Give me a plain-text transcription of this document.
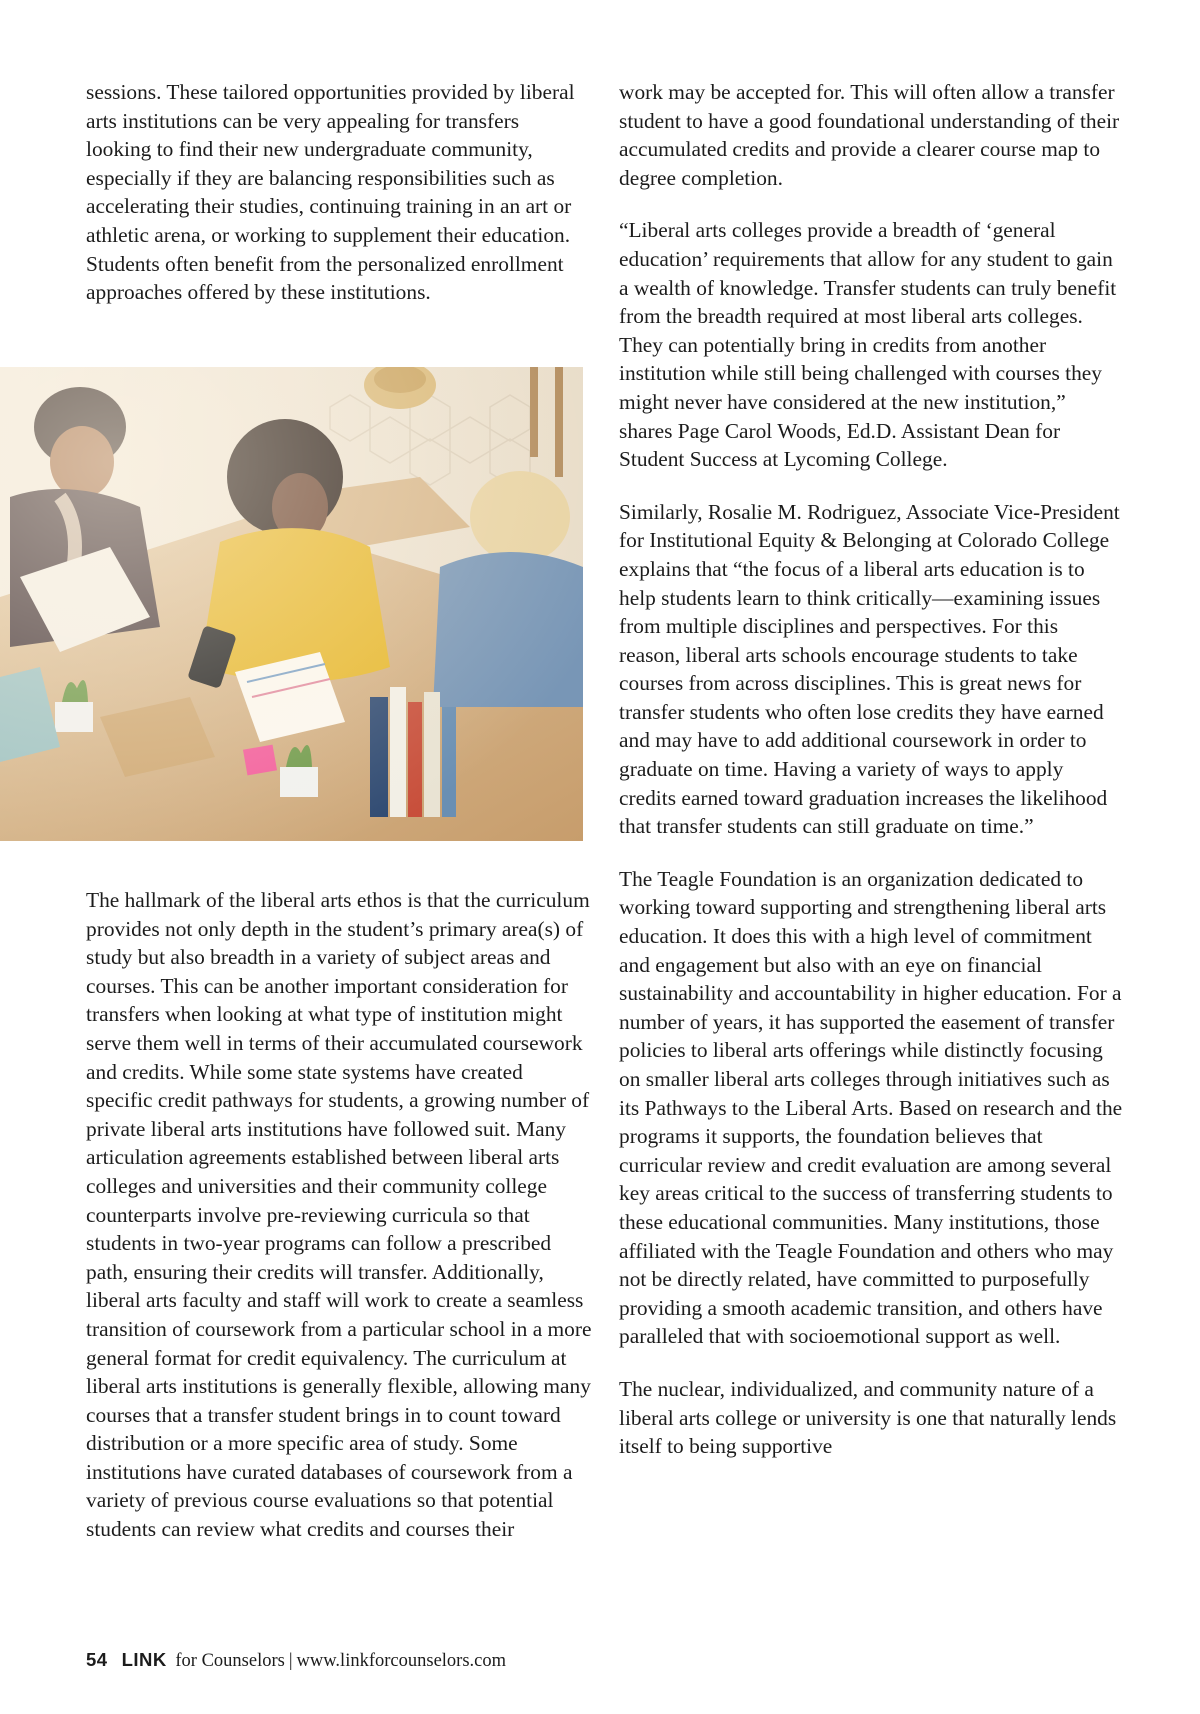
sessions. These tailored opportunities provided by liberal arts institutions can be very appealing for transfers looking to find their new undergraduate community, especially if they are balancing responsibilities such as accelerating their studies, continuing training in an art or athletic arena, or working to supplement their education. Students often benefit from the personalized enrollment approaches offered by these institutions.

The hallmark of the liberal arts ethos is that the curriculum provides not only depth in the student’s primary area(s) of study but also breadth in a variety of subject areas and courses. This can be another important consideration for transfers when looking at what type of institution might serve them well in terms of their accumulated coursework and credits. While some state systems have created specific credit pathways for students, a growing number of private liberal arts institutions have followed suit. Many articulation agreements established between liberal arts colleges and universities and their community college counterparts involve pre-reviewing curricula so that students in two-year programs can follow a prescribed path, ensuring their credits will transfer. Additionally, liberal arts faculty and staff will work to create a seamless transition of coursework from a particular school in a more general format for credit equivalency. The curriculum at liberal arts institutions is generally flexible, allowing many courses that a transfer student brings in to count toward distribution or a more specific area of study. Some institutions have curated databases of coursework from a variety of previous course evaluations so that potential students can review what credits and courses their

work may be accepted for. This will often allow a transfer student to have a good foundational understanding of their accumulated credits and provide a clearer course map to degree completion.

“Liberal arts colleges provide a breadth of ‘general education’ requirements that allow for any student to gain a wealth of knowledge. Transfer students can truly benefit from the breadth required at most liberal arts colleges. They can potentially bring in credits from another institution while still being challenged with courses they might never have considered at the new institution,” shares Page Carol Woods, Ed.D. Assistant Dean for Student Success at Lycoming College.

Similarly, Rosalie M. Rodriguez, Associate Vice-President for Institutional Equity & Belonging at Colorado College explains that “the focus of a liberal arts education is to help students learn to think critically—examining issues from multiple disciplines and perspectives. For this reason, liberal arts schools encourage students to take courses from across disciplines. This is great news for transfer students who often lose credits they have earned and may have to add additional coursework in order to graduate on time. Having a variety of ways to apply credits earned toward graduation increases the likelihood that transfer students can still graduate on time.”

The Teagle Foundation is an organization dedicated to working toward supporting and strengthening liberal arts education. It does this with a high level of commitment and engagement but also with an eye on financial sustainability and accountability in higher education. For a number of years, it has supported the easement of transfer policies to liberal arts offerings while distinctly focusing on smaller liberal arts colleges through initiatives such as its Pathways to the Liberal Arts. Based on research and the programs it supports, the foundation believes that curricular review and credit evaluation are among several key areas critical to the success of transferring students to these educational communities. Many institutions, those affiliated with the Teagle Foundation and others who may not be directly related, have committed to purposefully providing a smooth academic transition, and others have paralleled that with socioemotional support as well.

The nuclear, individualized, and community nature of a liberal arts college or university is one that naturally lends itself to being supportive

54 LINK for Counselors | www.linkforcounselors.com
